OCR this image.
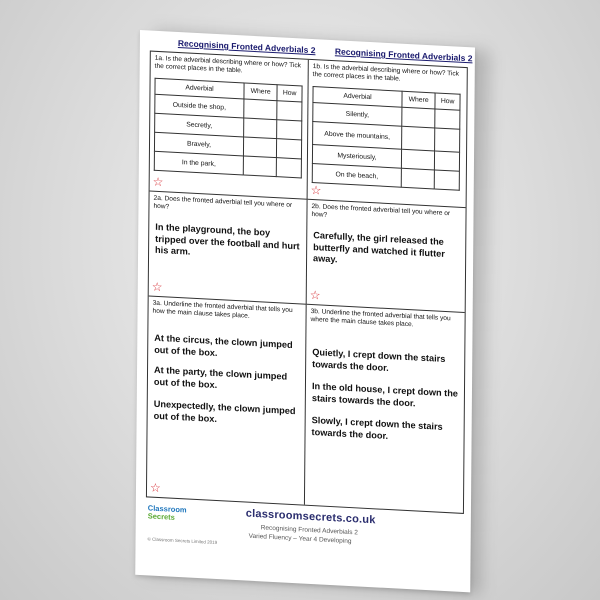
Recognising Fronted Adverbials 2 Recognising Fronted Adverbials 2
1a. Is the adverbial describing where or how? Tick the correct places in the table.
Adverbial	Where	How
Outside the shop,		
Secretly,		
Bravely,		
In the park,		
☆
1b. Is the adverbial describing where or how? Tick the correct places in the table.
Adverbial	Where	How
Silently,		
Above the mountains,		
Mysteriously,		
On the beach,		
☆
2a. Does the fronted adverbial tell you where or how?
In the playground, the boy tripped over the football and hurt his arm.
☆
2b. Does the fronted adverbial tell you where or how?
Carefully, the girl released the butterfly and watched it flutter away.
☆
3a. Underline the fronted adverbial that tells you how the main clause takes place.
At the circus, the clown jumped out of the box.
At the party, the clown jumped out of the box.
Unexpectedly, the clown jumped out of the box.
☆
3b. Underline the fronted adverbial that tells you where the main clause takes place.
Quietly, I crept down the stairs towards the door.
In the old house, I crept down the stairs towards the door.
Slowly, I crept down the stairs towards the door.
Classroom
Secrets
© Classroom Secrets Limited 2019
classroomsecrets.co.uk
Recognising Fronted Adverbials 2
Varied Fluency – Year 4 Developing
